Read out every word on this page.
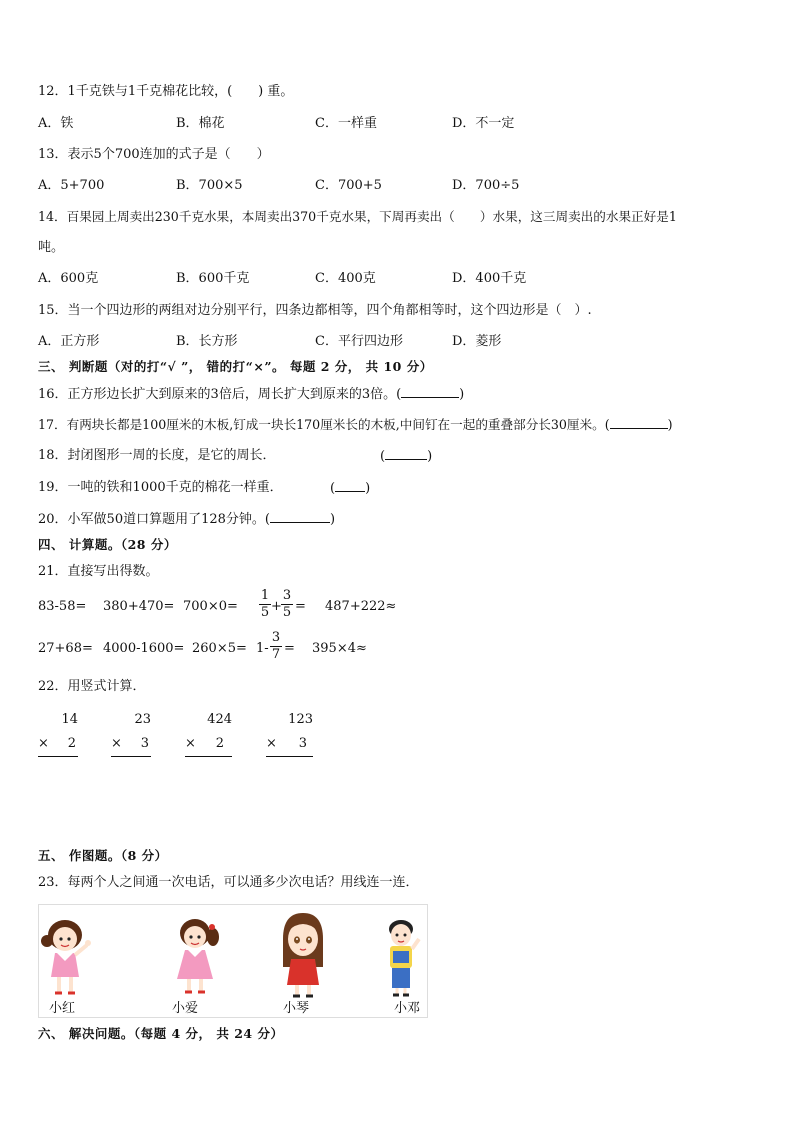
12．1千克铁与1千克棉花比较，(　　) 重。
A．铁	B．棉花	C．一样重	D．不一定
13．表示5个700连加的式子是（　　）
A．5+700	B．700×5	C．700+5	D．700÷5
14．百果园上周卖出230千克水果，本周卖出370千克水果，下周再卖出（　　）水果，这三周卖出的水果正好是1
吨。
A．600克	B．600千克	C．400克	D．400千克
15．当一个四边形的两组对边分别平行，四条边都相等，四个角都相等时，这个四边形是（　）.
A．正方形	B．长方形	C．平行四边形	D．菱形
三、 判断题（对的打“√ ”， 错的打“×”。 每题 2 分， 共 10 分）
16．正方形边长扩大到原来的3倍后，周长扩大到原来的3倍。(	)
17．有两块长都是100厘米的木板,钉成一块长170厘米长的木板,中间钉在一起的重叠部分长30厘米。(	)
18．封闭图形一周的长度，是它的周长．	(	)
19．一吨的铁和1000千克的棉花一样重．	( )
20．小军做50道口算题用了128分钟。(	)
四、 计算题。（28 分）
21．直接写出得数。
$83-58= 380+470= 700\times 0= \frac{1}{5} + \frac{3}{5} = 487+222\approx$
$27+68= 4000-1600= 260\times 5= 1- \frac{3}{7} = 395\times 4\approx$
22．用竖式计算．
14
× 2
23
× 3
424
× 2
123
× 3
五、 作图题。（8 分）
23．每两个人之间通一次电话，可以通多少次电话？用线连一连．
小红	小爱	小琴	小邓
六、 解决问题。（每题 4 分， 共 24 分）
